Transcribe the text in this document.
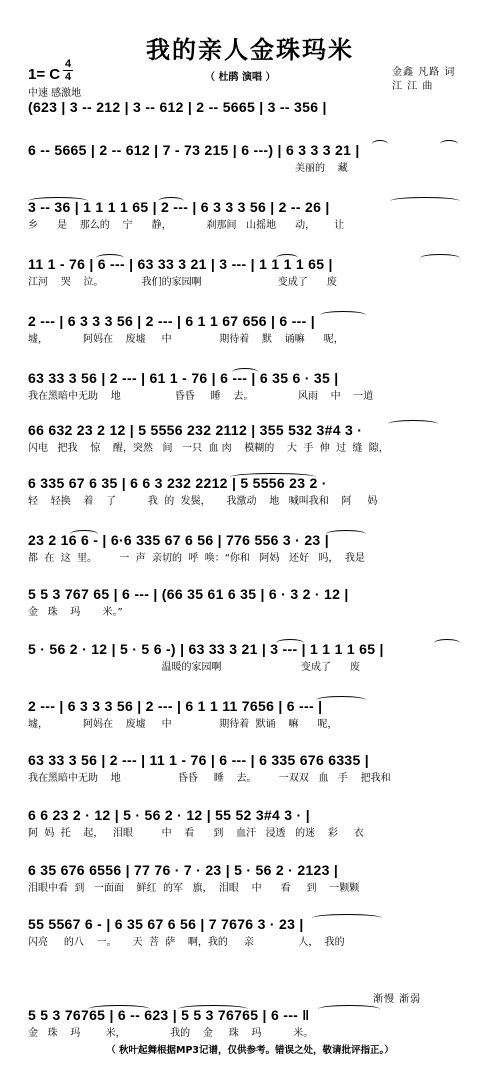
我的亲人金珠玛米
1= C
4
4	（ 杜鹃 演唱 ）	金鑫 凡路 词
江 江 曲
中速 感激地
(623 | 3 -- 212 | 3 -- 612 | 2 -- 5665 | 3 -- 356 |
6 -- 5665 | 2 -- 612 | 7 - 73 215 | 6 ---) | 6 3 3 3 21 |
美丽的    藏
3 -- 36 | 1 1 1 1 65 | 2 --- | 6 3 3 3 56 | 2 -- 26 |
乡      是    那么的    宁      静，           刹那间   山摇地      动，      让
11 1 - 76 | 6 --- | 63 33 3 21 | 3 --- | 1 1 1 1 65 |
江河    哭    泣。            我们的家园啊                        变成了      废
2 --- | 6 3 3 3 56 | 2 --- | 6 1 1 67 656 | 6 --- |
墟，           阿妈在    废墟     中               期待着    默    诵嘛      呢，
63 33 3 56 | 2 --- | 61 1 - 76 | 6 --- | 6 35 6 · 35 |
我在黑暗中无助    地                 昏昏     睡    去。              风雨    中    一道
66 632 23 2 12 | 5 5556 232 2112 | 355 532 3#4 3 ·
闪电   把我    惊    醒，突然   间   一只  血 肉    模糊的    大  手  伸  过  缝  隙，
6 335 67 6 35 | 6 6 3 232 2212 | 5 5556 23 2 ·
轻    轻换    着    了          我  的  发鬓，     我激动    地   喊叫我和    阿     妈
23 2 16 6 - | 6·6 335 67 6 56 | 776 556 3 · 23 |
都  在  这  里。       一  声  亲切的  呼  唤：“你和   阿妈   还好   吗，  我是
5 5 3 767 65 | 6 --- | (66 35 61 6 35 | 6 · 3 2 · 12 |
金   珠    玛       米。”
5 · 56 2 · 12 | 5 · 5 6 -) | 63 33 3 21 | 3 --- | 1 1 1 1 65 |
温暖的家园啊                         变成了      废
2 --- | 6 3 3 3 56 | 2 --- | 6 1 1 11 7656 | 6 --- |
墟，           阿妈在    废墟     中               期待着  默诵    嘛      呢，
63 33 3 56 | 2 --- | 11 1 - 76 | 6 --- | 6 335 676 6335 |
我在黑暗中无助    地                  昏昏     睡    去。       一双双   血   手    把我和
6 6 23 2 · 12 | 5 · 56 2 · 12 | 55 52 3#4 3 · |
阿  妈  托    起，   泪眼         中    看      到    血汗   浸透   的迷    彩     衣
6 35 676 6556 | 77 76 · 7 · 23 | 5 · 56 2 · 2123 |
泪眼中看  到   一面面    鲜红  的军   旗，  泪眼    中      看     到    一颗颗
55 5567 6 - | 6 35 67 6 56 | 7 7676 3 · 23 |
闪亮     的八    一。     天  菩  萨    啊，我的     亲              人，  我的
渐慢 渐弱
5 5 3 76765 | 6 -- 623 | 5 5 3 76765 | 6 --- ‖
金   珠    玛        米，              我的    金     珠    玛          米。
（ 秋叶起舞根据MP3记谱，仅供参考。错误之处，敬请批评指正。）
